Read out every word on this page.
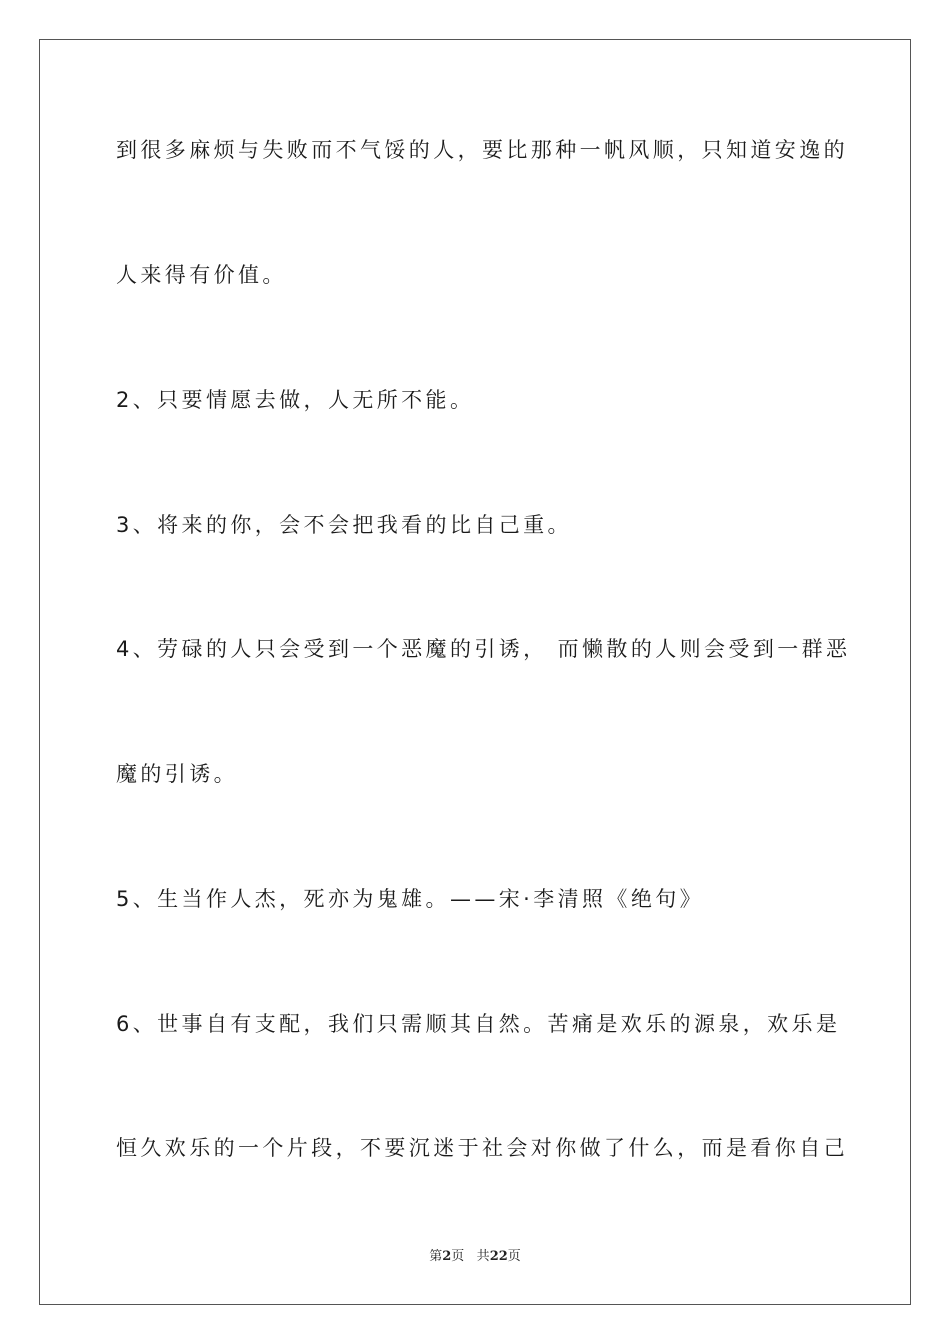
到很多麻烦与失败而不气馁的人，要比那种一帆风顺，只知道安逸的
人来得有价值。
2、只要情愿去做，人无所不能。
3、将来的你，会不会把我看的比自己重。
4、劳碌的人只会受到一个恶魔的引诱， 而懒散的人则会受到一群恶
魔的引诱。
5、生当作人杰，死亦为鬼雄。——宋·李清照《绝句》
6、世事自有支配，我们只需顺其自然。苦痛是欢乐的源泉，欢乐是
恒久欢乐的一个片段，不要沉迷于社会对你做了什么，而是看你自己
第2页 共22页
